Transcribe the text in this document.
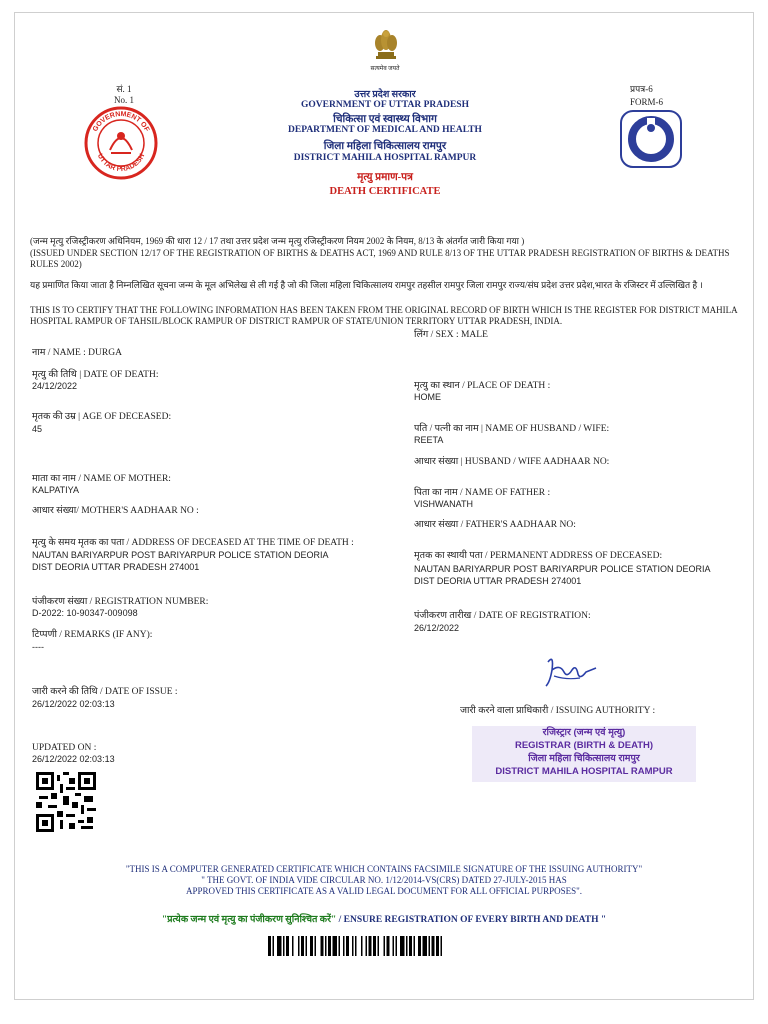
सत्यमेव जयते
सं. 1
No. 1
GOVERNMENT OF
UTTAR PRADESH
प्रपत्र-6
FORM-6
उत्तर प्रदेश सरकार
GOVERNMENT OF UTTAR PRADESH
चिकित्सा एवं स्वास्थ्य विभाग
DEPARTMENT OF MEDICAL AND HEALTH
जिला महिला चिकित्सालय रामपुर
DISTRICT MAHILA HOSPITAL RAMPUR
मृत्यु प्रमाण-पत्र
DEATH CERTIFICATE
(जन्म मृत्यु रजिस्ट्रीकरण अधिनियम, 1969 की धारा 12 / 17 तथा उत्तर प्रदेश जन्म मृत्यु रजिस्ट्रीकरण नियम 2002 के नियम, 8/13 के अंतर्गत जारी किया गया )
(ISSUED UNDER SECTION 12/17 OF THE REGISTRATION OF BIRTHS & DEATHS ACT, 1969 AND RULE 8/13 OF THE UTTAR PRADESH REGISTRATION OF BIRTHS & DEATHS RULES 2002)
यह प्रमाणित किया जाता है निम्नलिखित सूचना जन्म के मूल अभिलेख से ली गई है जो की जिला महिला चिकित्सालय रामपुर तहसील रामपुर जिला रामपुर राज्य/संघ प्रदेश उत्तर प्रदेश,भारत के रजिस्टर में उल्लिखित है ।
THIS IS TO CERTIFY THAT THE FOLLOWING INFORMATION HAS BEEN TAKEN FROM THE ORIGINAL RECORD OF BIRTH WHICH IS THE REGISTER FOR DISTRICT MAHILA HOSPITAL RAMPUR OF TAHSIL/BLOCK RAMPUR OF DISTRICT RAMPUR OF STATE/UNION TERRITORY UTTAR PRADESH, INDIA.
लिंग / SEX : MALE
नाम / NAME : DURGA
मृत्यु की तिथि | DATE OF DEATH:
24/12/2022
मृतक की उम्र | AGE OF DECEASED:
45
माता का नाम / NAME OF MOTHER:
KALPATIYA
आधार संख्या/ MOTHER'S AADHAAR NO :
मृत्यु के समय मृतक का पता / ADDRESS OF DECEASED AT THE TIME OF DEATH :
NAUTAN BARIYARPUR POST BARIYARPUR POLICE STATION DEORIA
DIST DEORIA UTTAR PRADESH 274001
पंजीकरण संख्या / REGISTRATION NUMBER:
D-2022: 10-90347-009098
टिप्पणी / REMARKS (IF ANY):
----
जारी करने की तिथि / DATE OF ISSUE :
26/12/2022 02:03:13
UPDATED ON :
26/12/2022 02:03:13
मृत्यु का स्थान / PLACE OF DEATH :
HOME
पति / पत्नी का नाम | NAME OF HUSBAND / WIFE:
REETA
आधार संख्या | HUSBAND / WIFE AADHAAR NO:
पिता का नाम / NAME OF FATHER :
VISHWANATH
आधार संख्या / FATHER'S AADHAAR NO:
मृतक का स्थायी पता / PERMANENT ADDRESS OF DECEASED:
NAUTAN BARIYARPUR POST BARIYARPUR POLICE STATION DEORIA
DIST DEORIA UTTAR PRADESH 274001
पंजीकरण तारीख / DATE OF REGISTRATION:
26/12/2022
जारी करने वाला प्राधिकारी / ISSUING AUTHORITY :
रजिस्ट्रार (जन्म एवं मृत्यु)
REGISTRAR (BIRTH & DEATH)
जिला महिला चिकित्सालय रामपुर
DISTRICT MAHILA HOSPITAL RAMPUR
"THIS IS A COMPUTER GENERATED CERTIFICATE WHICH CONTAINS FACSIMILE SIGNATURE OF THE ISSUING AUTHORITY"
" THE GOVT. OF INDIA VIDE CIRCULAR NO. 1/12/2014-VS(CRS) DATED 27-JULY-2015 HAS
APPROVED THIS CERTIFICATE AS A VALID LEGAL DOCUMENT FOR ALL OFFICIAL PURPOSES".
"प्रत्येक जन्म एवं मृत्यु का पंजीकरण सुनिश्चित करें" / ENSURE REGISTRATION OF EVERY BIRTH AND DEATH "
